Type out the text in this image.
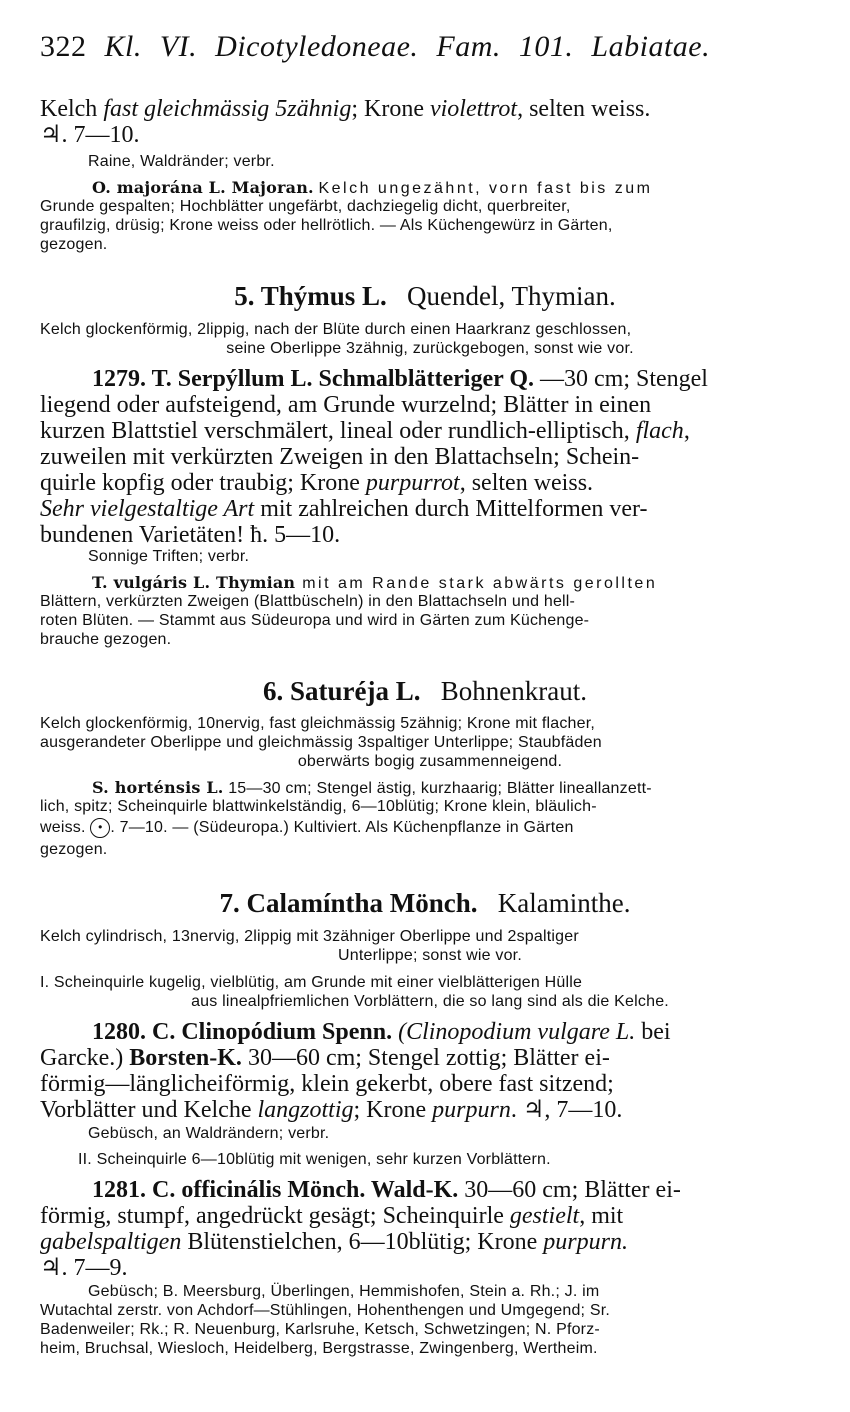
322 Kl. VI. Dicotyledoneae. Fam. 101. Labiatae.
Kelch fast gleichmässig 5zähnig; Krone violettrot, selten weiss.
♃. 7—10.
Raine, Waldränder; verbr.
O. majorána L. Majoran. Kelch ungezähnt, vorn fast bis zum
Grunde gespalten; Hochblätter ungefärbt, dachziegelig dicht, querbreiter,
graufilzig, drüsig; Krone weiss oder hellrötlich. — Als Küchengewürz in Gärten,
gezogen.
5. Thýmus L. Quendel, Thymian.
Kelch glockenförmig, 2lippig, nach der Blüte durch einen Haarkranz geschlossen,
seine Oberlippe 3zähnig, zurückgebogen, sonst wie vor.
1279. T. Serpýllum L. Schmalblätteriger Q. —30 cm; Stengel
liegend oder aufsteigend, am Grunde wurzelnd; Blätter in einen
kurzen Blattstiel verschmälert, lineal oder rundlich-elliptisch, flach,
zuweilen mit verkürzten Zweigen in den Blattachseln; Schein-
quirle kopfig oder traubig; Krone purpurrot, selten weiss.
Sehr vielgestaltige Art mit zahlreichen durch Mittelformen ver-
bundenen Varietäten! ħ. 5—10.
Sonnige Triften; verbr.
T. vulgáris L. Thymian mit am Rande stark abwärts gerollten
Blättern, verkürzten Zweigen (Blattbüscheln) in den Blattachseln und hell-
roten Blüten. — Stammt aus Südeuropa und wird in Gärten zum Küchenge-
brauche gezogen.
6. Saturéja L. Bohnenkraut.
Kelch glockenförmig, 10nervig, fast gleichmässig 5zähnig; Krone mit flacher,
ausgerandeter Oberlippe und gleichmässig 3spaltiger Unterlippe; Staubfäden
oberwärts bogig zusammenneigend.
S. horténsis L. 15—30 cm; Stengel ästig, kurzhaarig; Blätter lineallanzett-
lich, spitz; Scheinquirle blattwinkelständig, 6—10blütig; Krone klein, bläulich-
weiss. • . 7—10. — (Südeuropa.) Kultiviert. Als Küchenpflanze in Gärten
gezogen.
7. Calamíntha Mönch. Kalaminthe.
Kelch cylindrisch, 13nervig, 2lippig mit 3zähniger Oberlippe und 2spaltiger
Unterlippe; sonst wie vor.
I. Scheinquirle kugelig, vielblütig, am Grunde mit einer vielblätterigen Hülle
aus linealpfriemlichen Vorblättern, die so lang sind als die Kelche.
1280. C. Clinopódium Spenn. (Clinopodium vulgare L. bei
Garcke.) Borsten-K. 30—60 cm; Stengel zottig; Blätter ei-
förmig—länglicheiförmig, klein gekerbt, obere fast sitzend;
Vorblätter und Kelche langzottig; Krone purpurn. ♃, 7—10.
Gebüsch, an Waldrändern; verbr.
II. Scheinquirle 6—10blütig mit wenigen, sehr kurzen Vorblättern.
1281. C. officinális Mönch. Wald-K. 30—60 cm; Blätter ei-
förmig, stumpf, angedrückt gesägt; Scheinquirle gestielt, mit
gabelspaltigen Blütenstielchen, 6—10blütig; Krone purpurn.
♃. 7—9.
Gebüsch; B. Meersburg, Überlingen, Hemmishofen, Stein a. Rh.; J. im
Wutachtal zerstr. von Achdorf—Stühlingen, Hohenthengen und Umgegend; Sr.
Badenweiler; Rk.; R. Neuenburg, Karlsruhe, Ketsch, Schwetzingen; N. Pforz-
heim, Bruchsal, Wiesloch, Heidelberg, Bergstrasse, Zwingenberg, Wertheim.
